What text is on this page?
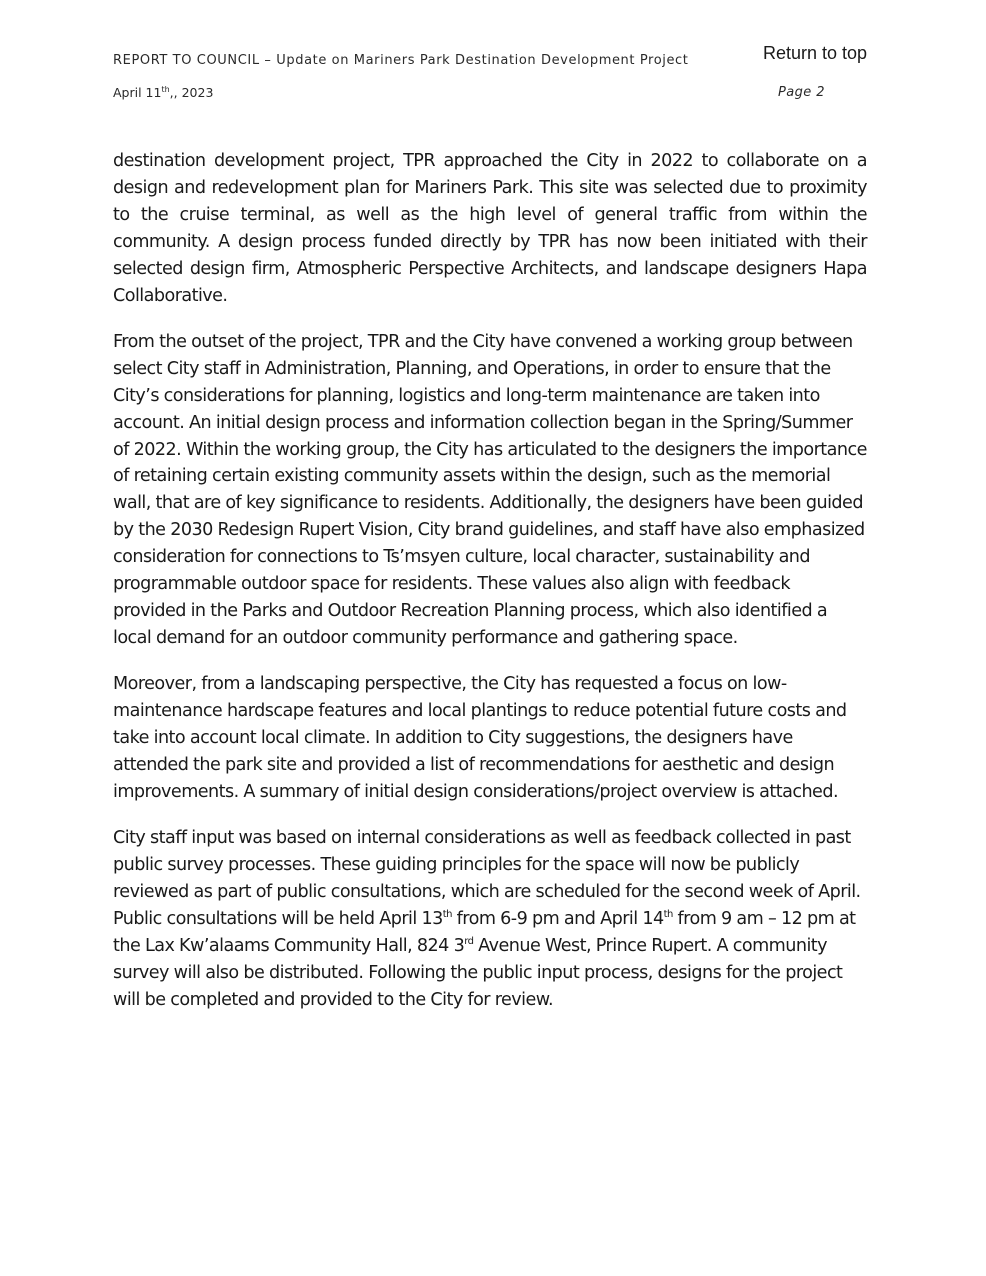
REPORT TO COUNCIL – Update on Mariners Park Destination Development Project	Return to top
April 11th,, 2023	Page 2

destination development project, TPR approached the City in 2022 to collaborate on a design and redevelopment plan for Mariners Park. This site was selected due to proximity to the cruise terminal, as well as the high level of general traffic from within the community. A design process funded directly by TPR has now been initiated with their selected design firm, Atmospheric Perspective Architects, and landscape designers Hapa Collaborative.

From the outset of the project, TPR and the City have convened a working group between select City staff in Administration, Planning, and Operations, in order to ensure that the City’s considerations for planning, logistics and long-term maintenance are taken into account. An initial design process and information collection began in the Spring/Summer of 2022. Within the working group, the City has articulated to the designers the importance of retaining certain existing community assets within the design, such as the memorial wall, that are of key significance to residents. Additionally, the designers have been guided by the 2030 Redesign Rupert Vision, City brand guidelines, and staff have also emphasized consideration for connections to Ts’msyen culture, local character, sustainability and programmable outdoor space for residents. These values also align with feedback provided in the Parks and Outdoor Recreation Planning process, which also identified a local demand for an outdoor community performance and gathering space.

Moreover, from a landscaping perspective, the City has requested a focus on low-maintenance hardscape features and local plantings to reduce potential future costs and take into account local climate. In addition to City suggestions, the designers have attended the park site and provided a list of recommendations for aesthetic and design improvements. A summary of initial design considerations/project overview is attached.

City staff input was based on internal considerations as well as feedback collected in past public survey processes. These guiding principles for the space will now be publicly reviewed as part of public consultations, which are scheduled for the second week of April. Public consultations will be held April 13th from 6-9 pm and April 14th from 9 am – 12 pm at the Lax Kw’alaams Community Hall, 824 3rd Avenue West, Prince Rupert. A community survey will also be distributed. Following the public input process, designs for the project will be completed and provided to the City for review.
